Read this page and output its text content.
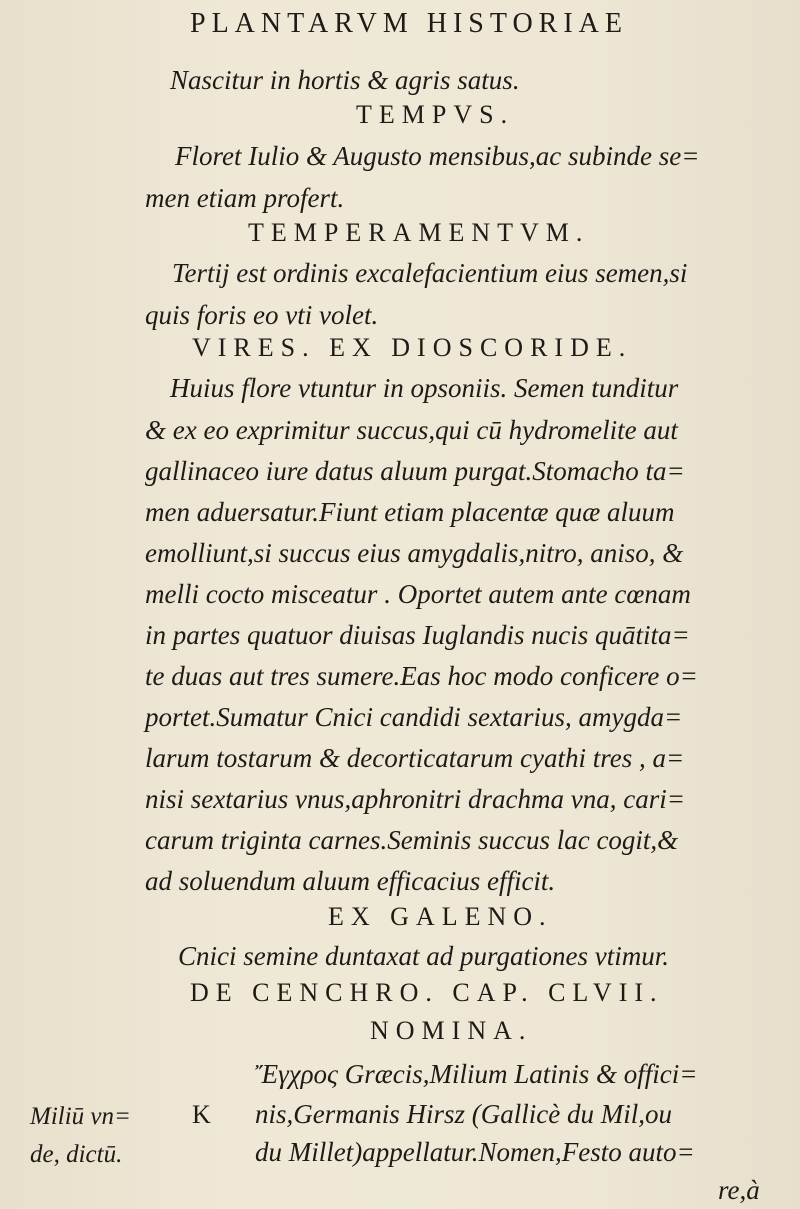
PLANTARVM HISTORIAE
Nascitur in hortis & agris satus.
TEMPVS.
Floret Iulio & Augusto mensibus,ac subinde se=
men etiam profert.
TEMPERAMENTVM.
Tertij est ordinis excalefacientium eius semen,si
quis foris eo vti volet.
VIRES. EX DIOSCORIDE.
Huius flore vtuntur in opsoniis. Semen tunditur
& ex eo exprimitur succus,qui cū hydromelite aut
gallinaceo iure datus aluum purgat.Stomacho ta=
men aduersatur.Fiunt etiam placentæ quæ aluum
emolliunt,si succus eius amygdalis,nitro, aniso, &
melli cocto misceatur . Oportet autem ante cœnam
in partes quatuor diuisas Iuglandis nucis quātita=
te duas aut tres sumere.Eas hoc modo conficere o=
portet.Sumatur Cnici candidi sextarius, amygda=
larum tostarum & decorticatarum cyathi tres , a=
nisi sextarius vnus,aphronitri drachma vna, cari=
carum triginta carnes.Seminis succus lac cogit,&
ad soluendum aluum efficacius efficit.
EX GALENO.
Cnici semine duntaxat ad purgationes vtimur.
DE CENCHRO. CAP. CLVII.
NOMINA.
Ἔγχρος Græcis,Milium Latinis & offici=
nis,Germanis Hirsz (Gallicè du Mil,ou
du Millet)appellatur.Nomen,Festo auto=
re,à
Miliū vn=
de, dictū.
K
